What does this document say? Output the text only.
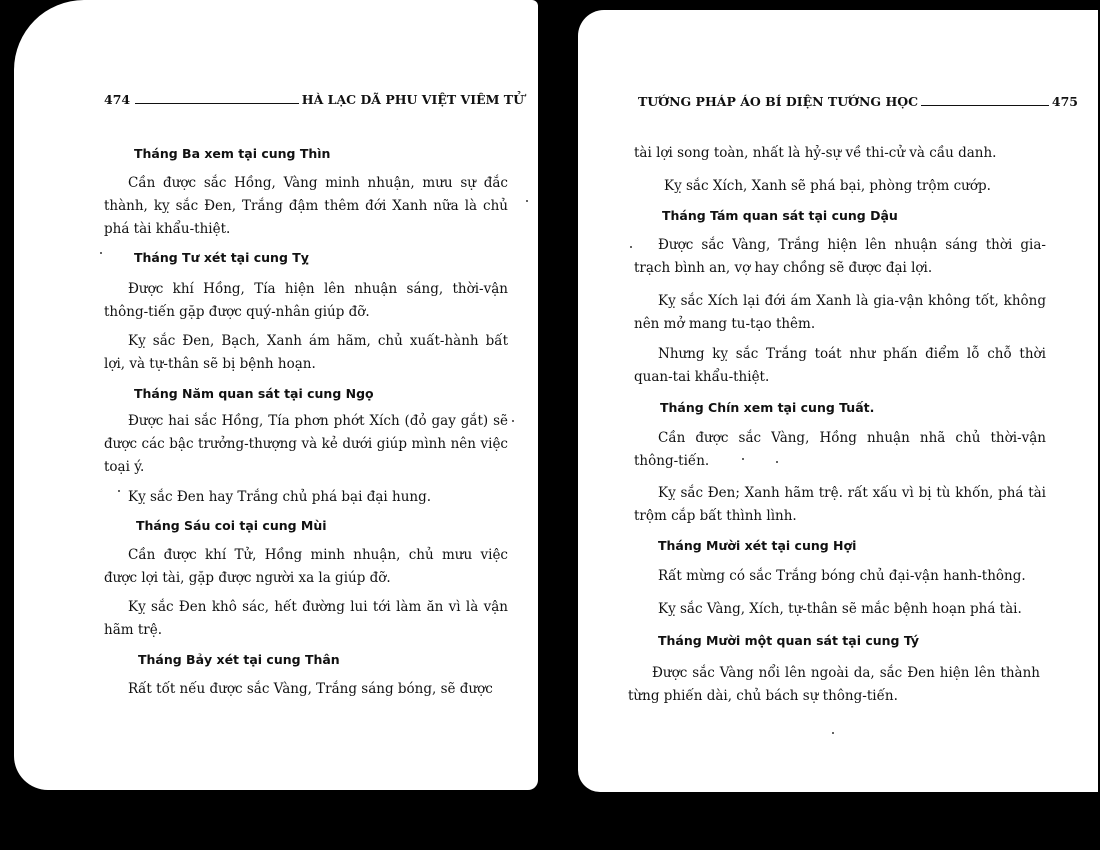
474	HÀ LẠC DÃ PHU VIỆT VIÊM TỬ
Tháng Ba xem tại cung Thìn
Cần được sắc Hồng, Vàng minh nhuận, mưu sự đắc thành, kỵ sắc Đen, Trắng đậm thêm đới Xanh nữa là chủ phá tài khẩu-thiệt.
Tháng Tư xét tại cung Tỵ
Được khí Hồng, Tía hiện lên nhuận sáng, thời-vận thông-tiến gặp được quý-nhân giúp đỡ.
Kỵ sắc Đen, Bạch, Xanh ám hãm, chủ xuất-hành bất lợi, và tự-thân sẽ bị bệnh hoạn.
Tháng Năm quan sát tại cung Ngọ
Được hai sắc Hồng, Tía phơn phớt Xích (đỏ gay gắt) sẽ được các bậc trưởng-thượng và kẻ dưới giúp mình nên việc toại ý.
Kỵ sắc Đen hay Trắng chủ phá bại đại hung.
Tháng Sáu coi tại cung Mùi
Cần được khí Tử, Hồng minh nhuận, chủ mưu việc được lợi tài, gặp được người xa la giúp đỡ.
Kỵ sắc Đen khô sác, hết đường lui tới làm ăn vì là vận hãm trệ.
Tháng Bảy xét tại cung Thân
Rất tốt nếu được sắc Vàng, Trắng sáng bóng, sẽ được
TƯỚNG PHÁP ÁO BÍ DIỆN TƯỚNG HỌC	475
tài lợi song toàn, nhất là hỷ-sự về thi-cử và cầu danh.
Kỵ sắc Xích, Xanh sẽ phá bại, phòng trộm cướp.
Tháng Tám quan sát tại cung Dậu
Được sắc Vàng, Trắng hiện lên nhuận sáng thời gia-trạch bình an, vợ hay chồng sẽ được đại lợi.
Kỵ sắc Xích lại đới ám Xanh là gia-vận không tốt, không nên mở mang tu-tạo thêm.
Nhưng kỵ sắc Trắng toát như phấn điểm lỗ chỗ thời quan-tai khẩu-thiệt.
Tháng Chín xem tại cung Tuất.
Cần được sắc Vàng, Hồng nhuận nhã chủ thời-vận thông-tiến.
Kỵ sắc Đen; Xanh hãm trệ. rất xấu vì bị tù khốn, phá tài trộm cắp bất thình lình.
Tháng Mười xét tại cung Hợi
Rất mừng có sắc Trắng bóng chủ đại-vận hanh-thông.
Kỵ sắc Vàng, Xích, tự-thân sẽ mắc bệnh hoạn phá tài.
Tháng Mười một quan sát tại cung Tý
Được sắc Vàng nổi lên ngoài da, sắc Đen hiện lên thành từng phiến dài, chủ bách sự thông-tiến.
